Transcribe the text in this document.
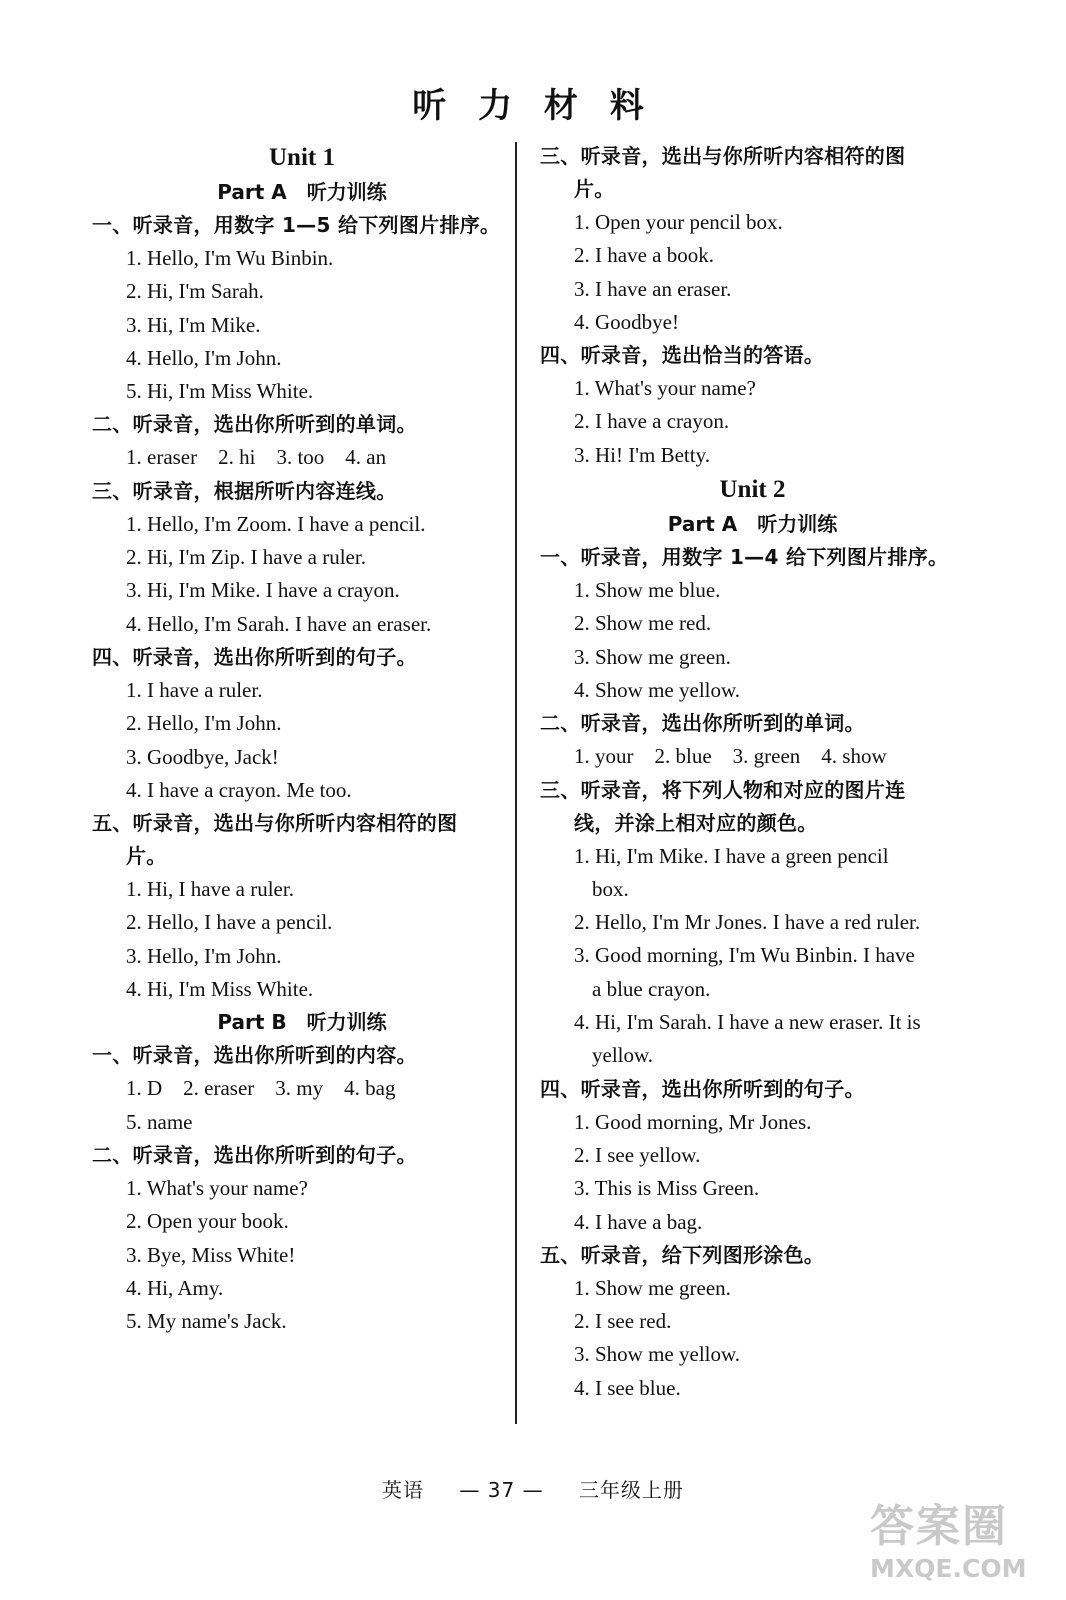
听 力 材 料
Unit 1
Part A　听力训练
一、听录音，用数字 1—5 给下列图片排序。
1. Hello, I'm Wu Binbin.
2. Hi, I'm Sarah.
3. Hi, I'm Mike.
4. Hello, I'm John.
5. Hi, I'm Miss White.
二、听录音，选出你所听到的单词。
1. eraser　2. hi　3. too　4. an
三、听录音，根据所听内容连线。
1. Hello, I'm Zoom. I have a pencil.
2. Hi, I'm Zip. I have a ruler.
3. Hi, I'm Mike. I have a crayon.
4. Hello, I'm Sarah. I have an eraser.
四、听录音，选出你所听到的句子。
1. I have a ruler.
2. Hello, I'm John.
3. Goodbye, Jack!
4. I have a crayon. Me too.
五、听录音，选出与你所听内容相符的图
片。
1. Hi, I have a ruler.
2. Hello, I have a pencil.
3. Hello, I'm John.
4. Hi, I'm Miss White.
Part B　听力训练
一、听录音，选出你所听到的内容。
1. D　2. eraser　3. my　4. bag
5. name
二、听录音，选出你所听到的句子。
1. What's your name?
2. Open your book.
3. Bye, Miss White!
4. Hi, Amy.
5. My name's Jack.
三、听录音，选出与你所听内容相符的图
片。
1. Open your pencil box.
2. I have a book.
3. I have an eraser.
4. Goodbye!
四、听录音，选出恰当的答语。
1. What's your name?
2. I have a crayon.
3. Hi! I'm Betty.
Unit 2
Part A　听力训练
一、听录音，用数字 1—4 给下列图片排序。
1. Show me blue.
2. Show me red.
3. Show me green.
4. Show me yellow.
二、听录音，选出你所听到的单词。
1. your　2. blue　3. green　4. show
三、听录音，将下列人物和对应的图片连
线，并涂上相对应的颜色。
1. Hi, I'm Mike. I have a green pencil
box.
2. Hello, I'm Mr Jones. I have a red ruler.
3. Good morning, I'm Wu Binbin. I have
a blue crayon.
4. Hi, I'm Sarah. I have a new eraser. It is
yellow.
四、听录音，选出你所听到的句子。
1. Good morning, Mr Jones.
2. I see yellow.
3. This is Miss Green.
4. I have a bag.
五、听录音，给下列图形涂色。
1. Show me green.
2. I see red.
3. Show me yellow.
4. I see blue.
英语 — 37 — 三年级上册
答案圈
MXQE.COM
